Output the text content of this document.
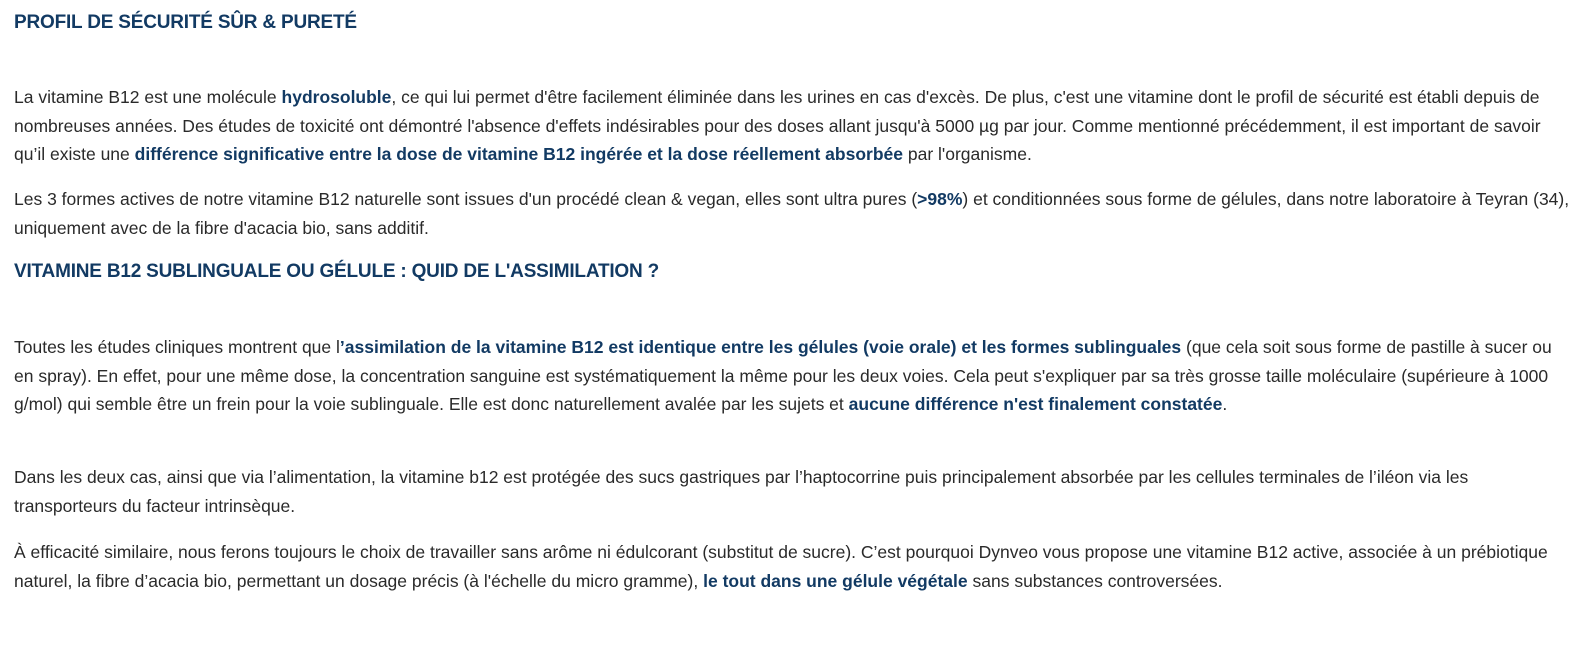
PROFIL DE SÉCURITÉ SÛR & PURETÉ

La vitamine B12 est une molécule hydrosoluble, ce qui lui permet d'être facilement éliminée dans les urines en cas d'excès. De plus, c'est une vitamine dont le profil de sécurité est établi depuis de nombreuses années. Des études de toxicité ont démontré l'absence d'effets indésirables pour des doses allant jusqu'à 5000 µg par jour. Comme mentionné précédemment, il est important de savoir qu’il existe une différence significative entre la dose de vitamine B12 ingérée et la dose réellement absorbée par l'organisme.

Les 3 formes actives de notre vitamine B12 naturelle sont issues d'un procédé clean & vegan, elles sont ultra pures (>98%) et conditionnées sous forme de gélules, dans notre laboratoire à Teyran (34), uniquement avec de la fibre d'acacia bio, sans additif.

VITAMINE B12 SUBLINGUALE OU GÉLULE : QUID DE L'ASSIMILATION ?

Toutes les études cliniques montrent que l’assimilation de la vitamine B12 est identique entre les gélules (voie orale) et les formes sublinguales (que cela soit sous forme de pastille à sucer ou en spray). En effet, pour une même dose, la concentration sanguine est systématiquement la même pour les deux voies. Cela peut s'expliquer par sa très grosse taille moléculaire (supérieure à 1000 g/mol) qui semble être un frein pour la voie sublinguale. Elle est donc naturellement avalée par les sujets et aucune différence n'est finalement constatée.

Dans les deux cas, ainsi que via l’alimentation, la vitamine b12 est protégée des sucs gastriques par l’haptocorrine puis principalement absorbée par les cellules terminales de l’iléon via les transporteurs du facteur intrinsèque.

À efficacité similaire, nous ferons toujours le choix de travailler sans arôme ni édulcorant (substitut de sucre). C’est pourquoi Dynveo vous propose une vitamine B12 active, associée à un prébiotique naturel, la fibre d’acacia bio, permettant un dosage précis (à l'échelle du micro gramme), le tout dans une gélule végétale sans substances controversées.
